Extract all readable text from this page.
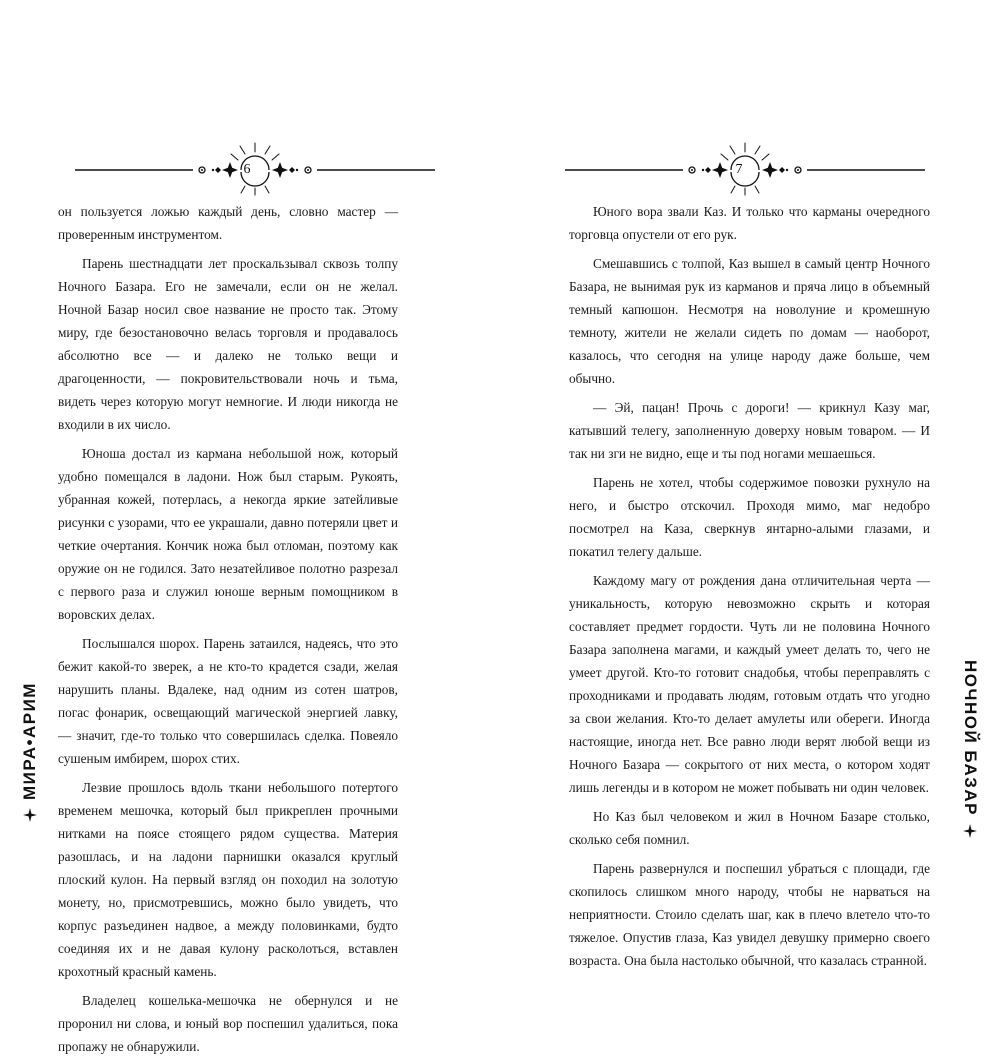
6

он пользуется ложью каждый день, словно мастер — проверенным инструментом.

Парень шестнадцати лет проскальзывал сквозь толпу Ночного Базара. Его не замечали, если он не желал. Ночной Базар носил свое название не просто так. Этому миру, где безостановочно велась торговля и продавалось абсолютно все — и далеко не только вещи и драгоценности, — покровительствовали ночь и тьма, видеть через которую могут немногие. И люди никогда не входили в их число.

Юноша достал из кармана небольшой нож, который удобно помещался в ладони. Нож был старым. Рукоять, убранная кожей, потерлась, а некогда яркие затейливые рисунки с узорами, что ее украшали, давно потеряли цвет и четкие очертания. Кончик ножа был отломан, поэтому как оружие он не годился. Зато незатейливое полотно разрезал с первого раза и служил юноше верным помощником в воровских делах.

Послышался шорох. Парень затаился, надеясь, что это бежит какой-то зверек, а не кто-то крадется сзади, желая нарушить планы. Вдалеке, над одним из сотен шатров, погас фонарик, освещающий магической энергией лавку, — значит, где-то только что совершилась сделка. Повеяло сушеным имбирем, шорох стих.

Лезвие прошлось вдоль ткани небольшого потертого временем мешочка, который был прикреплен прочными нитками на поясе стоящего рядом существа. Материя разошлась, и на ладони парнишки оказался круглый плоский кулон. На первый взгляд он походил на золотую монету, но, присмотревшись, можно было увидеть, что корпус разъединен надвое, а между половинками, будто соединяя их и не давая кулону расколоться, вставлен крохотный красный камень.

Владелец кошелька-мешочка не обернулся и не проронил ни слова, и юный вор поспешил удалиться, пока пропажу не обнаружили.

МИРА•АРИМ
7

Юного вора звали Каз. И только что карманы очередного торговца опустели от его рук.

Смешавшись с толпой, Каз вышел в самый центр Ночного Базара, не вынимая рук из карманов и пряча лицо в объемный темный капюшон. Несмотря на новолуние и кромешную темноту, жители не желали сидеть по домам — наоборот, казалось, что сегодня на улице народу даже больше, чем обычно.

— Эй, пацан! Прочь с дороги! — крикнул Казу маг, катывший телегу, заполненную доверху новым товаром. — И так ни зги не видно, еще и ты под ногами мешаешься.

Парень не хотел, чтобы содержимое повозки рухнуло на него, и быстро отскочил. Проходя мимо, маг недобро посмотрел на Каза, сверкнув янтарно-алыми глазами, и покатил телегу дальше.

Каждому магу от рождения дана отличительная черта — уникальность, которую невозможно скрыть и которая составляет предмет гордости. Чуть ли не половина Ночного Базара заполнена магами, и каждый умеет делать то, чего не умеет другой. Кто-то готовит снадобья, чтобы переправлять с проходниками и продавать людям, готовым отдать что угодно за свои желания. Кто-то делает амулеты или обереги. Иногда настоящие, иногда нет. Все равно люди верят любой вещи из Ночного Базара — сокрытого от них места, о котором ходят лишь легенды и в котором не может побывать ни один человек.

Но Каз был человеком и жил в Ночном Базаре столько, сколько себя помнил.

Парень развернулся и поспешил убраться с площади, где скопилось слишком много народу, чтобы не нарваться на неприятности. Стоило сделать шаг, как в плечо влетело что-то тяжелое. Опустив глаза, Каз увидел девушку примерно своего возраста. Она была настолько обычной, что казалась странной.

НОЧНОЙ БАЗАР
